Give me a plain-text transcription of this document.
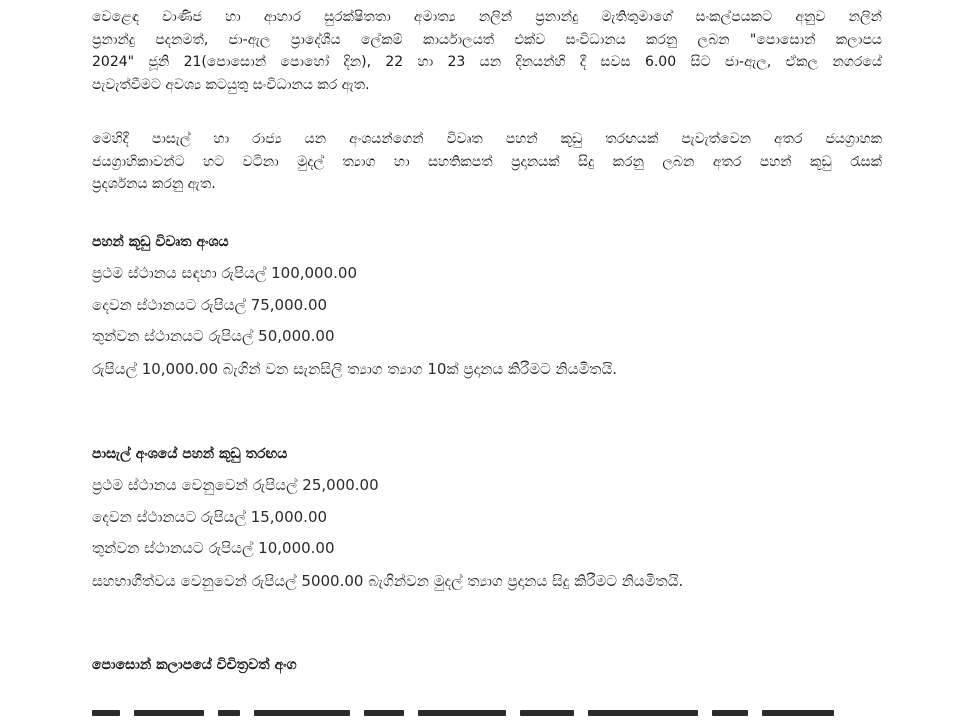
වෙළෙඳ වාණිජ හා ආහාර සුරක්ෂිතතා අමාත්‍ය නලින් ප්‍රනාන්දු මැතිතුමාගේ සංකල්පයකට අනුව නලින්
ප්‍රනාන්දු පදනමත්, ජා-ඇල ප්‍රාදේශීය ලේකම් කාර්යාලයත් එක්ව සංවිධානය කරනු ලබන "පොසොන් කලාපය
2024" ජූනි 21(පොසොන් පොහෝ දින), 22 හා 23 යන දිනයන්හි දී සවස 6.00 සිට ජා-ඇල, ඒකල නගරයේ
පැවැත්වීමට අවශ්‍ය කටයුතු සංවිධානය කර ඇත.

මෙහිදී පාසැල් හා රාජ්‍ය යන අංශයන්ගෙන් විවෘත පහන් කූඩු තරඟයක් පැවැත්වෙන අතර ජයග්‍රාහක
ජයග්‍රාහිකාවන්ට හට වටිනා මුදල් ත්‍යාග හා සහතිකපත් ප්‍රදානයක් සිදු කරනු ලබන අතර පහන් කූඩු රැසක්
ප්‍රදර්ශනය කරනු ඇත.

පහන් කූඩු විවෘත අංශය

ප්‍රථම ස්ථානය සඳහා රුපියල් 100,000.00

දෙවන ස්ථානයට රුපියල් 75,000.00

තුන්වන ස්ථානයට රුපියල් 50,000.00

රුපියල් 10,000.00 බැගින් වන සැනසිලි ත්‍යාග ත්‍යාග 10ක් ප්‍රදානය කිරීමට නියමිතයි.

පාසැල් අංශයේ පහන් කූඩු තරඟය

ප්‍රථම ස්ථානය වෙනුවෙන් රුපියල් 25,000.00

දෙවන ස්ථානයට රුපියල් 15,000.00

තුන්වන ස්ථානයට රුපියල් 10,000.00

සහභාගීත්වය වෙනුවෙන් රුපියල් 5000.00 බැගින්වන මුදල් ත්‍යාග ප්‍රදානය සිදු කිරීමට නියමිතයි.

පොසොන් කලාපයේ විචිත්‍රවත් අංග
